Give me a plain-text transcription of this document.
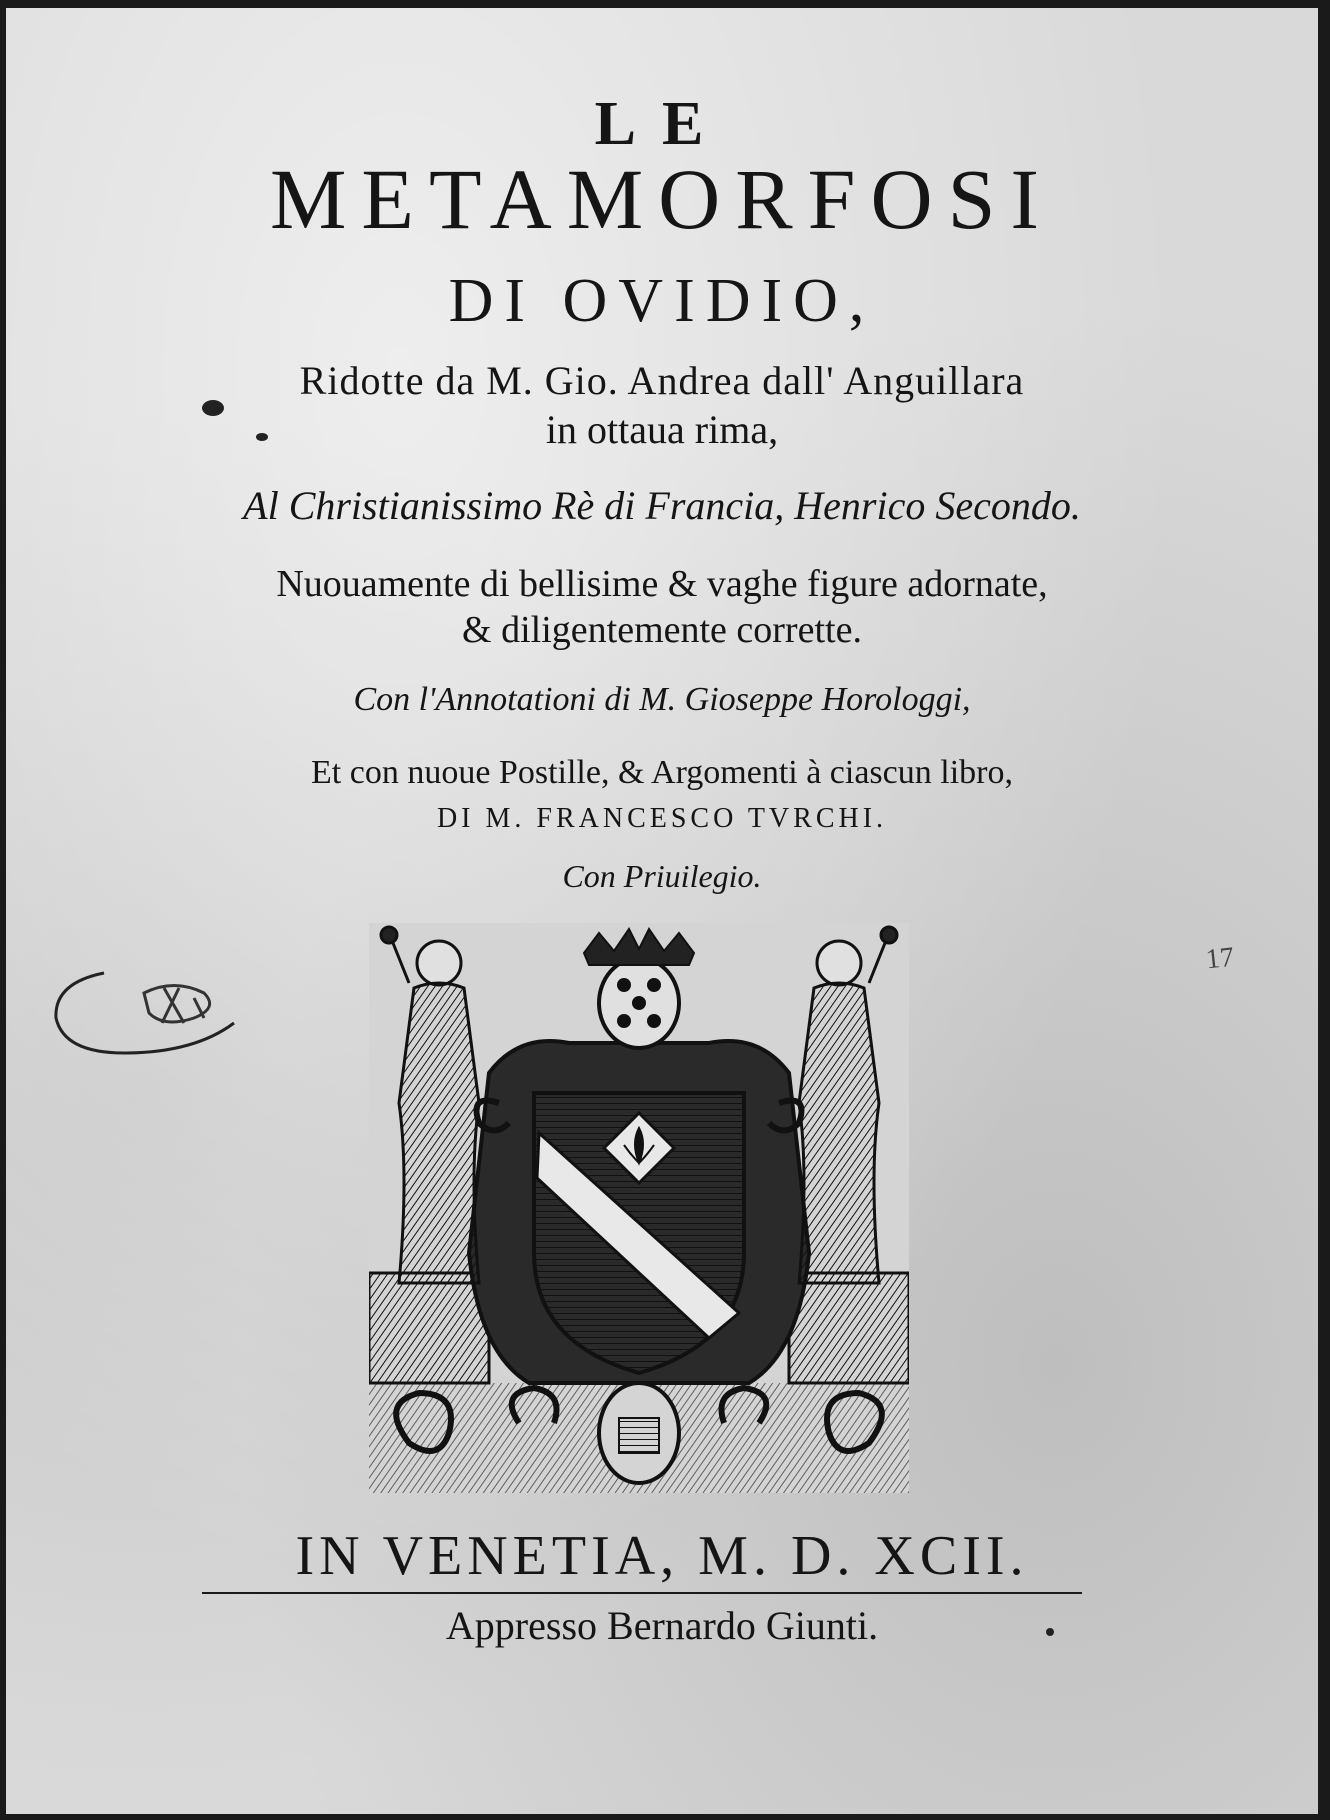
LE
METAMORFOSI
DI OVIDIO,
Ridotte da M. Gio. Andrea dall' Anguillara
in ottaua rima,
Al Christianissimo Rè di Francia, Henrico Secondo.
Nuouamente di bellisime & vaghe figure adornate,
& diligentemente corrette.
Con l'Annotationi di M. Gioseppe Horologgi,
Et con nuoue Postille, & Argomenti à ciascun libro,
DI M. FRANCESCO TVRCHI.
Con Priuilegio.
17
IN VENETIA, M. D. XCII.
Appresso Bernardo Giunti.
